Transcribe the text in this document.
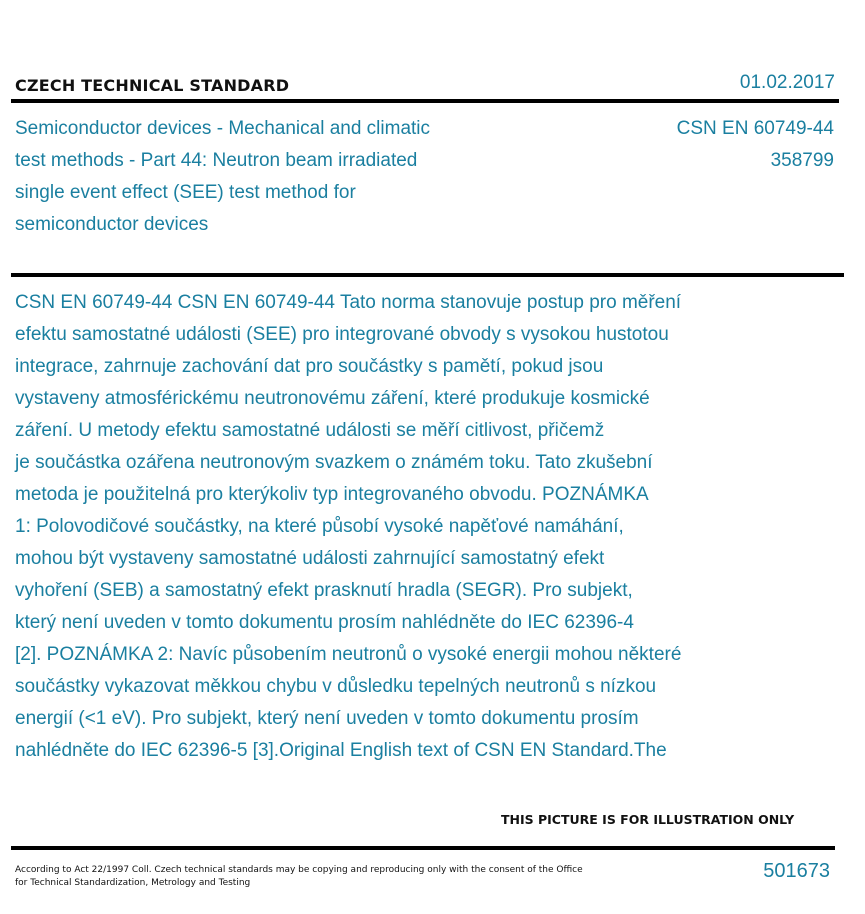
CZECH TECHNICAL STANDARD	01.02.2017
Semiconductor devices - Mechanical and climatic
test methods - Part 44: Neutron beam irradiated
single event effect (SEE) test method for
semiconductor devices
CSN EN 60749-44
358799
CSN EN 60749-44 CSN EN 60749-44 Tato norma stanovuje postup pro měření
efektu samostatné události (SEE) pro integrované obvody s vysokou hustotou
integrace, zahrnuje zachování dat pro součástky s pamětí, pokud jsou
vystaveny atmosférickému neutronovému záření, které produkuje kosmické
záření. U metody efektu samostatné události se měří citlivost, přičemž
je součástka ozářena neutronovým svazkem o známém toku. Tato zkušební
metoda je použitelná pro kterýkoliv typ integrovaného obvodu. POZNÁMKA
1: Polovodičové součástky, na které působí vysoké napěťové namáhání,
mohou být vystaveny samostatné události zahrnující samostatný efekt
vyhoření (SEB) a samostatný efekt prasknutí hradla (SEGR). Pro subjekt,
který není uveden v tomto dokumentu prosím nahlédněte do IEC 62396-4
[2]. POZNÁMKA 2: Navíc působením neutronů o vysoké energii mohou některé
součástky vykazovat měkkou chybu v důsledku tepelných neutronů s nízkou
energií (<1 eV). Pro subjekt, který není uveden v tomto dokumentu prosím
nahlédněte do IEC 62396-5 [3].Original English text of CSN EN Standard.The
THIS PICTURE IS FOR ILLUSTRATION ONLY
According to Act 22/1997 Coll. Czech technical standards may be copying and reproducing only with the consent of the Office
for Technical Standardization, Metrology and Testing
501673
